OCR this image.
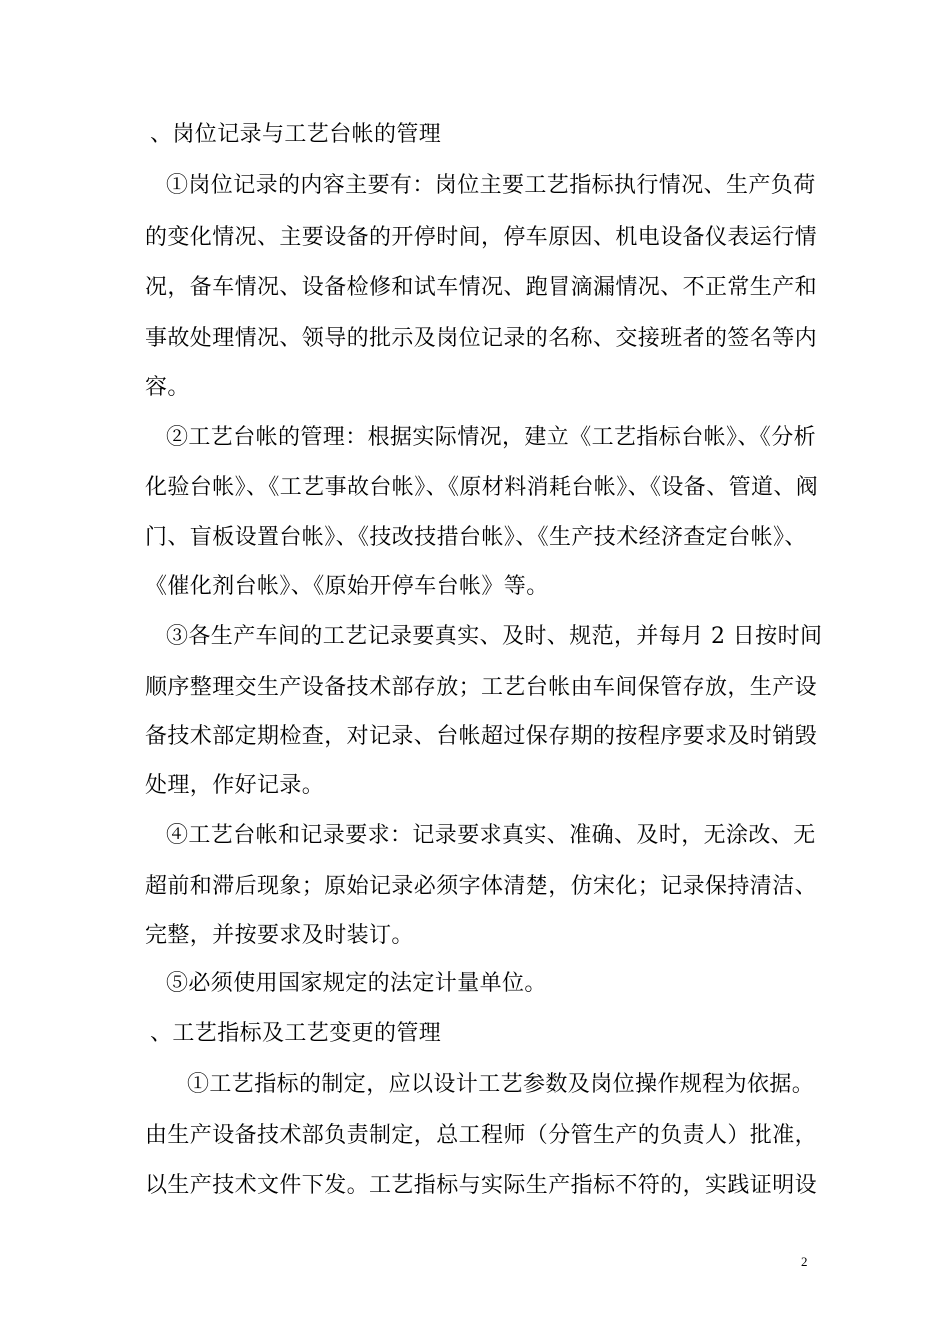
、岗位记录与工艺台帐的管理
①岗位记录的内容主要有：岗位主要工艺指标执行情况、生产负荷
的变化情况、主要设备的开停时间，停车原因、机电设备仪表运行情
况，备车情况、设备检修和试车情况、跑冒滴漏情况、不正常生产和
事故处理情况、领导的批示及岗位记录的名称、交接班者的签名等内
容。
②工艺台帐的管理：根据实际情况，建立《工艺指标台帐》、《分析
化验台帐》、《工艺事故台帐》、《原材料消耗台帐》、《设备、管道、阀
门、盲板设置台帐》、《技改技措台帐》、《生产技术经济查定台帐》、
《催化剂台帐》、《原始开停车台帐》等。
③各生产车间的工艺记录要真实、及时、规范，并每月 2 日按时间
顺序整理交生产设备技术部存放；工艺台帐由车间保管存放，生产设
备技术部定期检查，对记录、台帐超过保存期的按程序要求及时销毁
处理，作好记录。
④工艺台帐和记录要求：记录要求真实、准确、及时，无涂改、无
超前和滞后现象；原始记录必须字体清楚，仿宋化；记录保持清洁、
完整，并按要求及时装订。
⑤必须使用国家规定的法定计量单位。
、工艺指标及工艺变更的管理
①工艺指标的制定，应以设计工艺参数及岗位操作规程为依据。
由生产设备技术部负责制定，总工程师（分管生产的负责人）批准，
以生产技术文件下发。工艺指标与实际生产指标不符的，实践证明设
2
